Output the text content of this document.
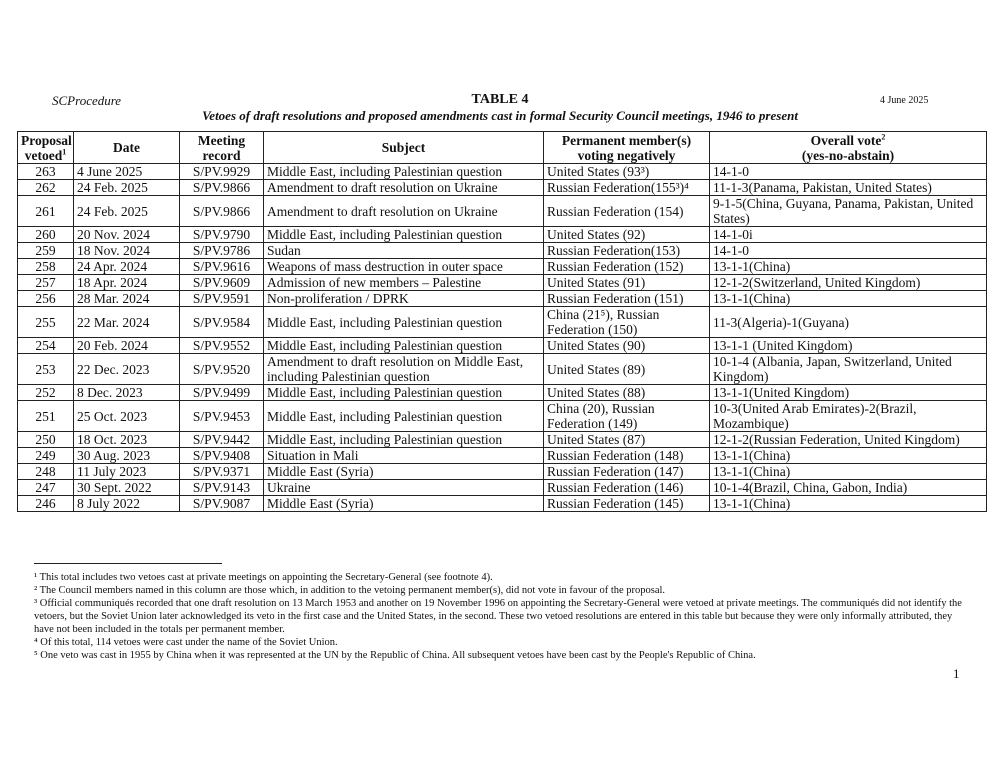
SCProcedure	TABLE 4	4 June 2025
Vetoes of draft resolutions and proposed amendments cast in formal Security Council meetings, 1946 to present
Proposal vetoed$^1$	Date	Meeting record	Subject	Permanent member(s) voting negatively	Overall vote$^2$
(yes-no-abstain)
263	4 June 2025	S/PV.9929	Middle East, including Palestinian question	United States (93³)	14-1-0
262	24 Feb. 2025	S/PV.9866	Amendment to draft resolution on Ukraine	Russian Federation(155³)⁴	11-1-3(Panama, Pakistan, United States)
261	24 Feb. 2025	S/PV.9866	Amendment to draft resolution on Ukraine	Russian Federation (154)	9-1-5(China, Guyana, Panama, Pakistan, United States)
260	20 Nov. 2024	S/PV.9790	Middle East, including Palestinian question	United States (92)	14-1-0i
259	18 Nov. 2024	S/PV.9786	Sudan	Russian Federation(153)	14-1-0
258	24 Apr. 2024	S/PV.9616	Weapons of mass destruction in outer space	Russian Federation (152)	13-1-1(China)
257	18 Apr. 2024	S/PV.9609	Admission of new members – Palestine	United States (91)	12-1-2(Switzerland, United Kingdom)
256	28 Mar. 2024	S/PV.9591	Non-proliferation / DPRK	Russian Federation (151)	13-1-1(China)
255	22 Mar. 2024	S/PV.9584	Middle East, including Palestinian question	China (21⁵), Russian Federation (150)	11-3(Algeria)-1(Guyana)
254	20 Feb. 2024	S/PV.9552	Middle East, including Palestinian question	United States (90)	13-1-1 (United Kingdom)
253	22 Dec. 2023	S/PV.9520	Amendment to draft resolution on Middle East, including Palestinian question	United States (89)	10-1-4 (Albania, Japan, Switzerland, United Kingdom)
252	8 Dec. 2023	S/PV.9499	Middle East, including Palestinian question	United States (88)	13-1-1(United Kingdom)
251	25 Oct. 2023	S/PV.9453	Middle East, including Palestinian question	China (20), Russian Federation (149)	10-3(United Arab Emirates)-2(Brazil, Mozambique)
250	18 Oct. 2023	S/PV.9442	Middle East, including Palestinian question	United States (87)	12-1-2(Russian Federation, United Kingdom)
249	30 Aug. 2023	S/PV.9408	Situation in Mali	Russian Federation (148)	13-1-1(China)
248	11 July 2023	S/PV.9371	Middle East (Syria)	Russian Federation (147)	13-1-1(China)
247	30 Sept. 2022	S/PV.9143	Ukraine	Russian Federation (146)	10-1-4(Brazil, China, Gabon, India)
246	8 July 2022	S/PV.9087	Middle East (Syria)	Russian Federation (145)	13-1-1(China)

¹ This total includes two vetoes cast at private meetings on appointing the Secretary-General (see footnote 4).

² The Council members named in this column are those which, in addition to the vetoing permanent member(s), did not vote in favour of the proposal.

³ Official communiqués recorded that one draft resolution on 13 March 1953 and another on 19 November 1996 on appointing the Secretary-General were vetoed at private meetings. The communiqués did not identify the vetoers, but the Soviet Union later acknowledged its veto in the first case and the United States, in the second. These two vetoed resolutions are entered in this table but because they were only informally attributed, they have not been included in the totals per permanent member.

⁴ Of this total, 114 vetoes were cast under the name of the Soviet Union.

⁵ One veto was cast in 1955 by China when it was represented at the UN by the Republic of China. All subsequent vetoes have been cast by the People's Republic of China.

1
